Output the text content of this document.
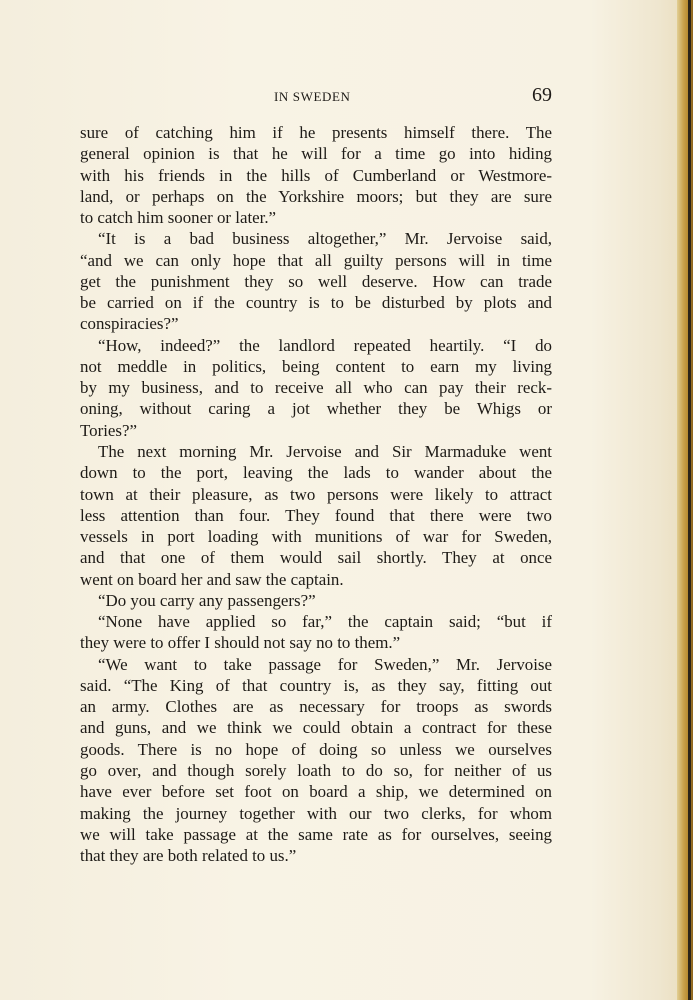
IN SWEDEN	69
sure of catching him if he presents himself there. The
general opinion is that he will for a time go into hiding
with his friends in the hills of Cumberland or Westmore-
land, or perhaps on the Yorkshire moors; but they are sure
to catch him sooner or later.”
“It is a bad business altogether,” Mr. Jervoise said,
“and we can only hope that all guilty persons will in time
get the punishment they so well deserve. How can trade
be carried on if the country is to be disturbed by plots and
conspiracies?”
“How, indeed?” the landlord repeated heartily. “I do
not meddle in politics, being content to earn my living
by my business, and to receive all who can pay their reck-
oning, without caring a jot whether they be Whigs or
Tories?”
The next morning Mr. Jervoise and Sir Marmaduke went
down to the port, leaving the lads to wander about the
town at their pleasure, as two persons were likely to attract
less attention than four. They found that there were two
vessels in port loading with munitions of war for Sweden,
and that one of them would sail shortly. They at once
went on board her and saw the captain.
“Do you carry any passengers?”
“None have applied so far,” the captain said; “but if
they were to offer I should not say no to them.”
“We want to take passage for Sweden,” Mr. Jervoise
said. “The King of that country is, as they say, fitting out
an army. Clothes are as necessary for troops as swords
and guns, and we think we could obtain a contract for these
goods. There is no hope of doing so unless we ourselves
go over, and though sorely loath to do so, for neither of us
have ever before set foot on board a ship, we determined on
making the journey together with our two clerks, for whom
we will take passage at the same rate as for ourselves, seeing
that they are both related to us.”
